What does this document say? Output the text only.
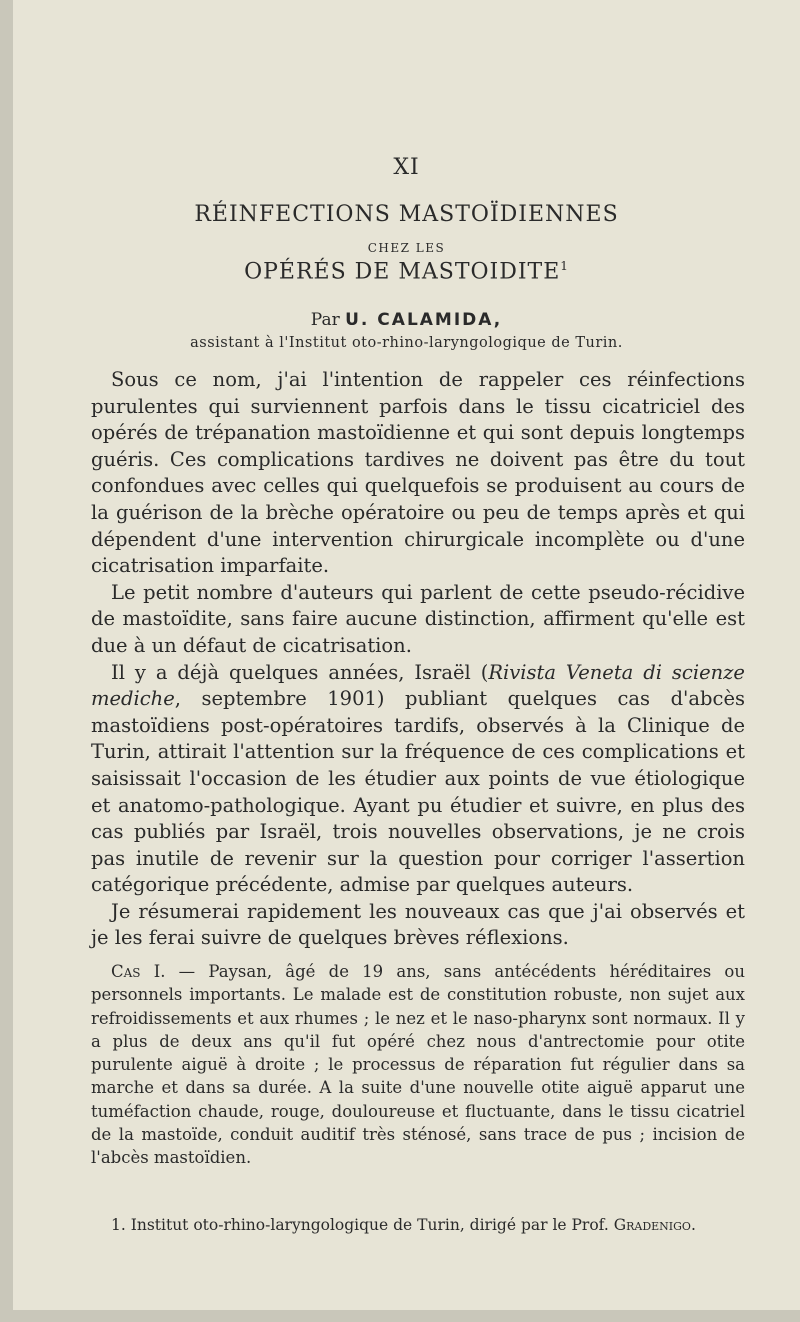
XI
RÉINFECTIONS MASTOÏDIENNES
CHEZ LES
OPÉRÉS DE MASTOIDITE$^1$
Par U. CALAMIDA,
assistant à l'Institut oto-rhino-laryngologique de Turin.

Sous ce nom, j'ai l'intention de rappeler ces réinfections purulentes qui surviennent parfois dans le tissu cicatriciel des opérés de trépanation mastoïdienne et qui sont depuis longtemps guéris. Ces complications tardives ne doivent pas être du tout confondues avec celles qui quelquefois se produisent au cours de la guérison de la brèche opératoire ou peu de temps après et qui dépendent d'une intervention chirurgicale incomplète ou d'une cicatrisation imparfaite.

Le petit nombre d'auteurs qui parlent de cette pseudo-récidive de mastoïdite, sans faire aucune distinction, affirment qu'elle est due à un défaut de cicatrisation.

Il y a déjà quelques années, Israël (Rivista Veneta di scienze mediche, septembre 1901) publiant quelques cas d'abcès mastoïdiens post-opératoires tardifs, observés à la Clinique de Turin, attirait l'attention sur la fréquence de ces complications et saisissait l'occasion de les étudier aux points de vue étiologique et anatomo-pathologique. Ayant pu étudier et suivre, en plus des cas publiés par Israël, trois nouvelles observations, je ne crois pas inutile de revenir sur la question pour corriger l'assertion catégorique précédente, admise par quelques auteurs.

Je résumerai rapidement les nouveaux cas que j'ai observés et je les ferai suivre de quelques brèves réflexions.

Cas I. — Paysan, âgé de 19 ans, sans antécédents héréditaires ou personnels importants. Le malade est de constitution robuste, non sujet aux refroidissements et aux rhumes ; le nez et le naso-pharynx sont normaux. Il y a plus de deux ans qu'il fut opéré chez nous d'antrectomie pour otite purulente aiguë à droite ; le processus de réparation fut régulier dans sa marche et dans sa durée. A la suite d'une nouvelle otite aiguë apparut une tuméfaction chaude, rouge, douloureuse et fluctuante, dans le tissu cicatriel de la mastoïde, conduit auditif très sténosé, sans trace de pus ; incision de l'abcès mastoïdien.

1. Institut oto-rhino-laryngologique de Turin, dirigé par le Prof. Gradenigo.
